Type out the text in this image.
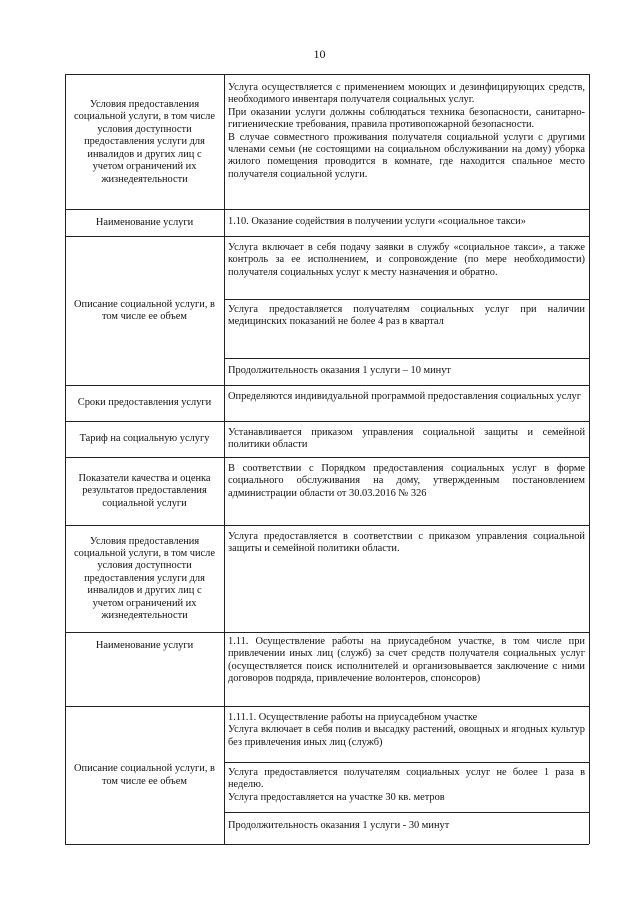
10
Условия предоставления социальной услуги, в том числе условия доступности предоставления услуги для инвалидов и других лиц с учетом ограничений их жизнедеятельности

Услуга осуществляется с применением моющих и дезинфицирующих средств, необходимого инвентаря получателя социальных услуг.

При оказании услуги должны соблюдаться техника безопасности, санитарно-гигиенические требования, правила противопожарной безопасности.

В случае совместного проживания получателя социальной услуги с другими членами семьи (не состоящими на социальном обслуживании на дому) уборка жилого помещения проводится в комнате, где находится спальное место получателя социальной услуги.

Наименование услуги	1.10. Оказание содействия в получении услуги «социальное такси»
Описание социальной услуги, в том числе ее объем
Услуга включает в себя подачу заявки в службу «социальное такси», а также контроль за ее исполнением, и сопровождение (по мере необходимости) получателя социальных услуг к месту назначения и обратно.
Услуга предоставляется получателям социальных услуг при наличии медицинских показаний не более 4 раз в квартал
Продолжительность оказания 1 услуги – 10 минут
Сроки предоставления услуги
Определяются индивидуальной программой предоставления социальных услуг
Тариф на социальную услугу
Устанавливается приказом управления социальной защиты и семейной политики области
Показатели качества и оценка результатов предоставления социальной услуги
В соответствии с Порядком предоставления социальных услуг в форме социального обслуживания на дому, утвержденным постановлением администрации области от 30.03.2016 № 326
Условия предоставления социальной услуги, в том числе условия доступности предоставления услуги для инвалидов и других лиц с учетом ограничений их жизнедеятельности
Услуга предоставляется в соответствии с приказом управления социальной защиты и семейной политики области.
Наименование услуги	1.11. Осуществление работы на приусадебном участке, в том числе при привлечении иных лиц (служб) за счет средств получателя социальных услуг (осуществляется поиск исполнителей и организовывается заключение с ними договоров подряда, привлечение волонтеров, спонсоров)
Описание социальной услуги, в том числе ее объем

1.11.1. Осуществление работы на приусадебном участке

Услуга включает в себя полив и высадку растений, овощных и ягодных культур без привлечения иных лиц (служб)

Услуга предоставляется получателям социальных услуг не более 1 раза в неделю.

Услуга предоставляется на участке 30 кв. метров

Продолжительность оказания 1 услуги - 30 минут
